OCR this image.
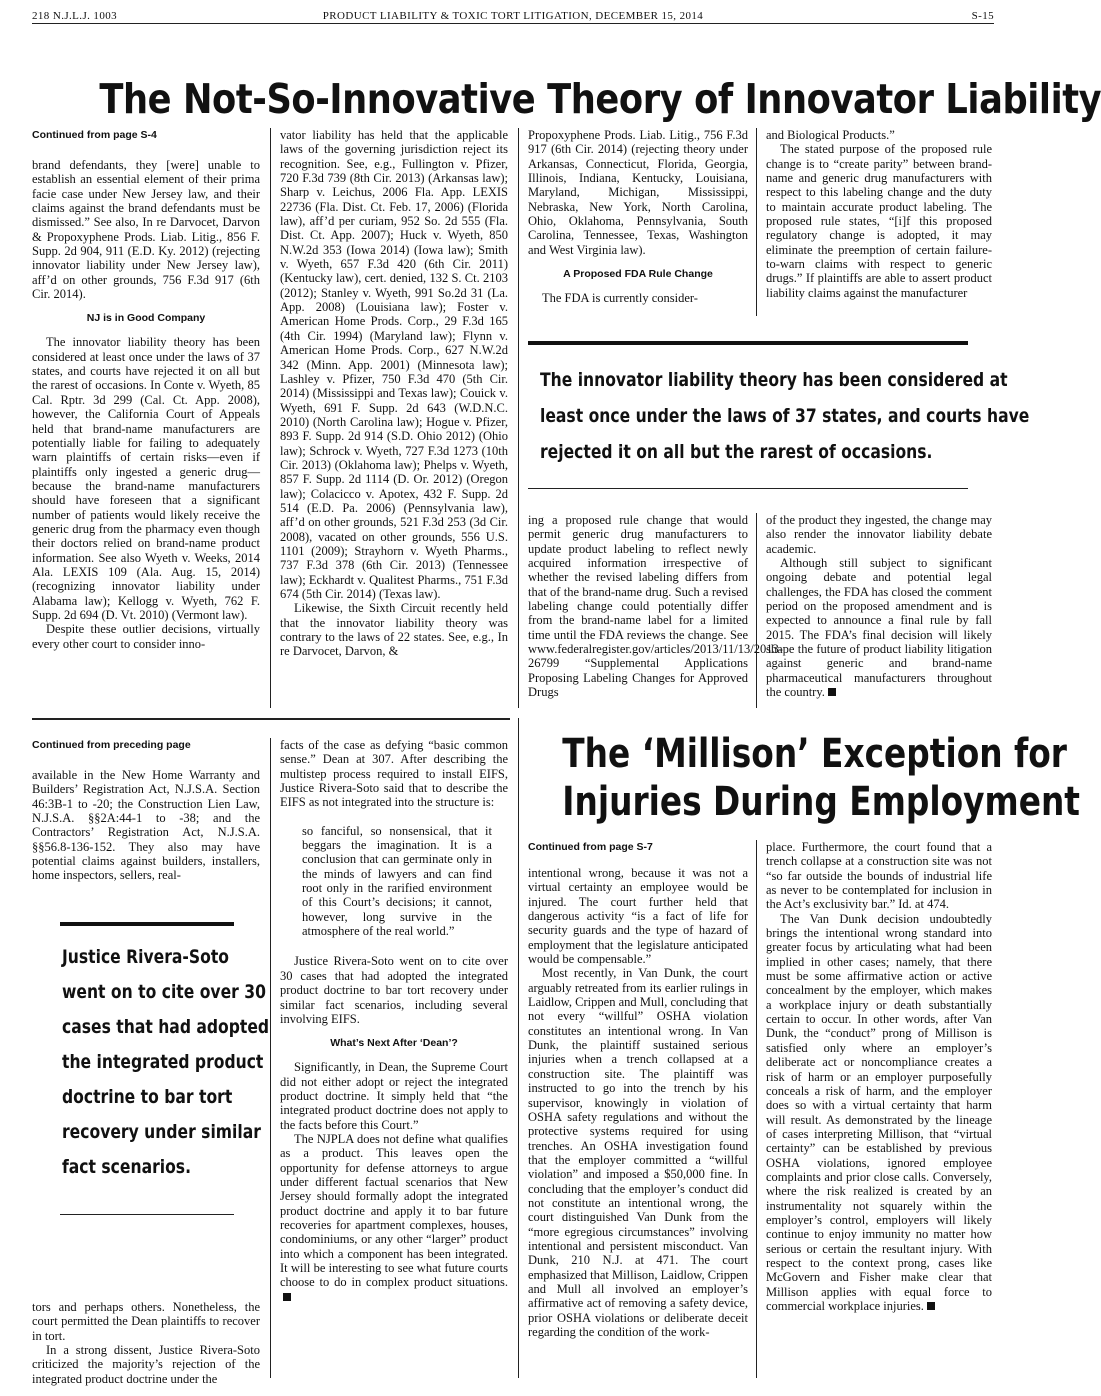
218 N.J.L.J. 1003	PRODUCT LIABILITY & TOXIC TORT LITIGATION, DECEMBER 15, 2014	S-15
The Not-So-Innovative Theory of Innovator Liability
Continued from page S-4

brand defendants, they [were] unable to establish an essential element of their prima facie case under New Jersey law, and their claims against the brand defendants must be dismissed.” See also, In re Darvocet, Darvon & Propoxyphene Prods. Liab. Litig., 856 F. Supp. 2d 904, 911 (E.D. Ky. 2012) (rejecting innovator liability under New Jersey law), aff’d on other grounds, 756 F.3d 917 (6th Cir. 2014).

NJ is in Good Company

The innovator liability theory has been considered at least once under the laws of 37 states, and courts have rejected it on all but the rarest of occasions. In Conte v. Wyeth, 85 Cal. Rptr. 3d 299 (Cal. Ct. App. 2008), however, the California Court of Appeals held that brand-name manufacturers are potentially liable for failing to adequately warn plaintiffs of certain risks—even if plaintiffs only ingested a generic drug—because the brand-name manufacturers should have foreseen that a significant number of patients would likely receive the generic drug from the pharmacy even though their doctors relied on brand-name product information. See also Wyeth v. Weeks, 2014 Ala. LEXIS 109 (Ala. Aug. 15, 2014) (recognizing innovator liability under Alabama law); Kellogg v. Wyeth, 762 F. Supp. 2d 694 (D. Vt. 2010) (Vermont law).

Despite these outlier decisions, virtually every other court to consider inno-

vator liability has held that the applicable laws of the governing jurisdiction reject its recognition. See, e.g., Fullington v. Pfizer, 720 F.3d 739 (8th Cir. 2013) (Arkansas law); Sharp v. Leichus, 2006 Fla. App. LEXIS 22736 (Fla. Dist. Ct. Feb. 17, 2006) (Florida law), aff’d per curiam, 952 So. 2d 555 (Fla. Dist. Ct. App. 2007); Huck v. Wyeth, 850 N.W.2d 353 (Iowa 2014) (Iowa law); Smith v. Wyeth, 657 F.3d 420 (6th Cir. 2011) (Kentucky law), cert. denied, 132 S. Ct. 2103 (2012); Stanley v. Wyeth, 991 So.2d 31 (La. App. 2008) (Louisiana law); Foster v. American Home Prods. Corp., 29 F.3d 165 (4th Cir. 1994) (Maryland law); Flynn v. American Home Prods. Corp., 627 N.W.2d 342 (Minn. App. 2001) (Minnesota law); Lashley v. Pfizer, 750 F.3d 470 (5th Cir. 2014) (Mississippi and Texas law); Couick v. Wyeth, 691 F. Supp. 2d 643 (W.D.N.C. 2010) (North Carolina law); Hogue v. Pfizer, 893 F. Supp. 2d 914 (S.D. Ohio 2012) (Ohio law); Schrock v. Wyeth, 727 F.3d 1273 (10th Cir. 2013) (Oklahoma law); Phelps v. Wyeth, 857 F. Supp. 2d 1114 (D. Or. 2012) (Oregon law); Colacicco v. Apotex, 432 F. Supp. 2d 514 (E.D. Pa. 2006) (Pennsylvania law), aff’d on other grounds, 521 F.3d 253 (3d Cir. 2008), vacated on other grounds, 556 U.S. 1101 (2009); Strayhorn v. Wyeth Pharms., 737 F.3d 378 (6th Cir. 2013) (Tennessee law); Eckhardt v. Qualitest Pharms., 751 F.3d 674 (5th Cir. 2014) (Texas law).

Likewise, the Sixth Circuit recently held that the innovator liability theory was contrary to the laws of 22 states. See, e.g., In re Darvocet, Darvon, &

Propoxyphene Prods. Liab. Litig., 756 F.3d 917 (6th Cir. 2014) (rejecting theory under Arkansas, Connecticut, Florida, Georgia, Illinois, Indiana, Kentucky, Louisiana, Maryland, Michigan, Mississippi, Nebraska, New York, North Carolina, Ohio, Oklahoma, Pennsylvania, South Carolina, Tennessee, Texas, Washington and West Virginia law).

A Proposed FDA Rule Change

The FDA is currently consider-

and Biological Products.”

The stated purpose of the proposed rule change is to “create parity” between brand-name and generic drug manufacturers with respect to this labeling change and the duty to maintain accurate product labeling. The proposed rule states, “[i]f this proposed regulatory change is adopted, it may eliminate the preemption of certain failure-to-warn claims with respect to generic drugs.” If plaintiffs are able to assert product liability claims against the manufacturer

The innovator liability theory has been considered at
least once under the laws of 37 states, and courts have
rejected it on all but the rarest of occasions.

ing a proposed rule change that would permit generic drug manufacturers to update product labeling to reflect newly acquired information irrespective of whether the revised labeling differs from that of the brand-name drug. Such a revised labeling change could potentially differ from the brand-name label for a limited time until the FDA reviews the change. See www.federalregister.gov/articles/2013/11/13/2013-26799 “Supplemental Applications Proposing Labeling Changes for Approved Drugs

of the product they ingested, the change may also render the innovator liability debate academic.

Although still subject to significant ongoing debate and potential legal challenges, the FDA has closed the comment period on the proposed amendment and is expected to announce a final rule by fall 2015. The FDA’s final decision will likely shape the future of product liability litigation against generic and brand-name pharmaceutical manufacturers throughout the country.

Continued from preceding page

available in the New Home Warranty and Builders’ Registration Act, N.J.S.A. Section 46:3B-1 to -20; the Construction Lien Law, N.J.S.A. §§2A:44-1 to -38; and the Contractors’ Registration Act, N.J.S.A. §§56.8-136-152. They also may have potential claims against builders, installers, home inspectors, sellers, real-

Justice Rivera-Soto
went on to cite over 30
cases that had adopted
the integrated product
doctrine to bar tort
recovery under similar
fact scenarios.

tors and perhaps others. Nonetheless, the court permitted the Dean plaintiffs to recover in tort.

In a strong dissent, Justice Rivera-Soto criticized the majority’s rejection of the integrated product doctrine under the

facts of the case as defying “basic common sense.” Dean at 307. After describing the multistep process required to install EIFS, Justice Rivera-Soto said that to describe the EIFS as not integrated into the structure is:

so fanciful, so nonsensical, that it beggars the imagination. It is a conclusion that can germinate only in the minds of lawyers and can find root only in the rarified environment of this Court’s decisions; it cannot, however, long survive in the atmosphere of the real world.”

Justice Rivera-Soto went on to cite over 30 cases that had adopted the integrated product doctrine to bar tort recovery under similar fact scenarios, including several involving EIFS.

What’s Next After ‘Dean’?

Significantly, in Dean, the Supreme Court did not either adopt or reject the integrated product doctrine. It simply held that “the integrated product doctrine does not apply to the facts before this Court.”

The NJPLA does not define what qualifies as a product. This leaves open the opportunity for defense attorneys to argue under different factual scenarios that New Jersey should formally adopt the integrated product doctrine and apply it to bar future recoveries for apartment complexes, houses, condominiums, or any other “larger” product into which a component has been integrated. It will be interesting to see what future courts choose to do in complex product situations.

The ‘Millison’ Exception for
Injuries During Employment
Continued from page S-7

intentional wrong, because it was not a virtual certainty an employee would be injured. The court further held that dangerous activity “is a fact of life for security guards and the type of hazard of employment that the legislature anticipated would be compensable.”

Most recently, in Van Dunk, the court arguably retreated from its earlier rulings in Laidlow, Crippen and Mull, concluding that not every “willful” OSHA violation constitutes an intentional wrong. In Van Dunk, the plaintiff sustained serious injuries when a trench collapsed at a construction site. The plaintiff was instructed to go into the trench by his supervisor, knowingly in violation of OSHA safety regulations and without the protective systems required for using trenches. An OSHA investigation found that the employer committed a “willful violation” and imposed a $50,000 fine. In concluding that the employer’s conduct did not constitute an intentional wrong, the court distinguished Van Dunk from the “more egregious circumstances” involving intentional and persistent misconduct. Van Dunk, 210 N.J. at 471. The court emphasized that Millison, Laidlow, Crippen and Mull all involved an employer’s affirmative act of removing a safety device, prior OSHA violations or deliberate deceit regarding the condition of the work-

place. Furthermore, the court found that a trench collapse at a construction site was not “so far outside the bounds of industrial life as never to be contemplated for inclusion in the Act’s exclusivity bar.” Id. at 474.

The Van Dunk decision undoubtedly brings the intentional wrong standard into greater focus by articulating what had been implied in other cases; namely, that there must be some affirmative action or active concealment by the employer, which makes a workplace injury or death substantially certain to occur. In other words, after Van Dunk, the “conduct” prong of Millison is satisfied only where an employer’s deliberate act or noncompliance creates a risk of harm or an employer purposefully conceals a risk of harm, and the employer does so with a virtual certainty that harm will result. As demonstrated by the lineage of cases interpreting Millison, that “virtual certainty” can be established by previous OSHA violations, ignored employee complaints and prior close calls. Conversely, where the risk realized is created by an instrumentality not squarely within the employer’s control, employers will likely continue to enjoy immunity no matter how serious or certain the resultant injury. With respect to the context prong, cases like McGovern and Fisher make clear that Millison applies with equal force to commercial workplace injuries.
